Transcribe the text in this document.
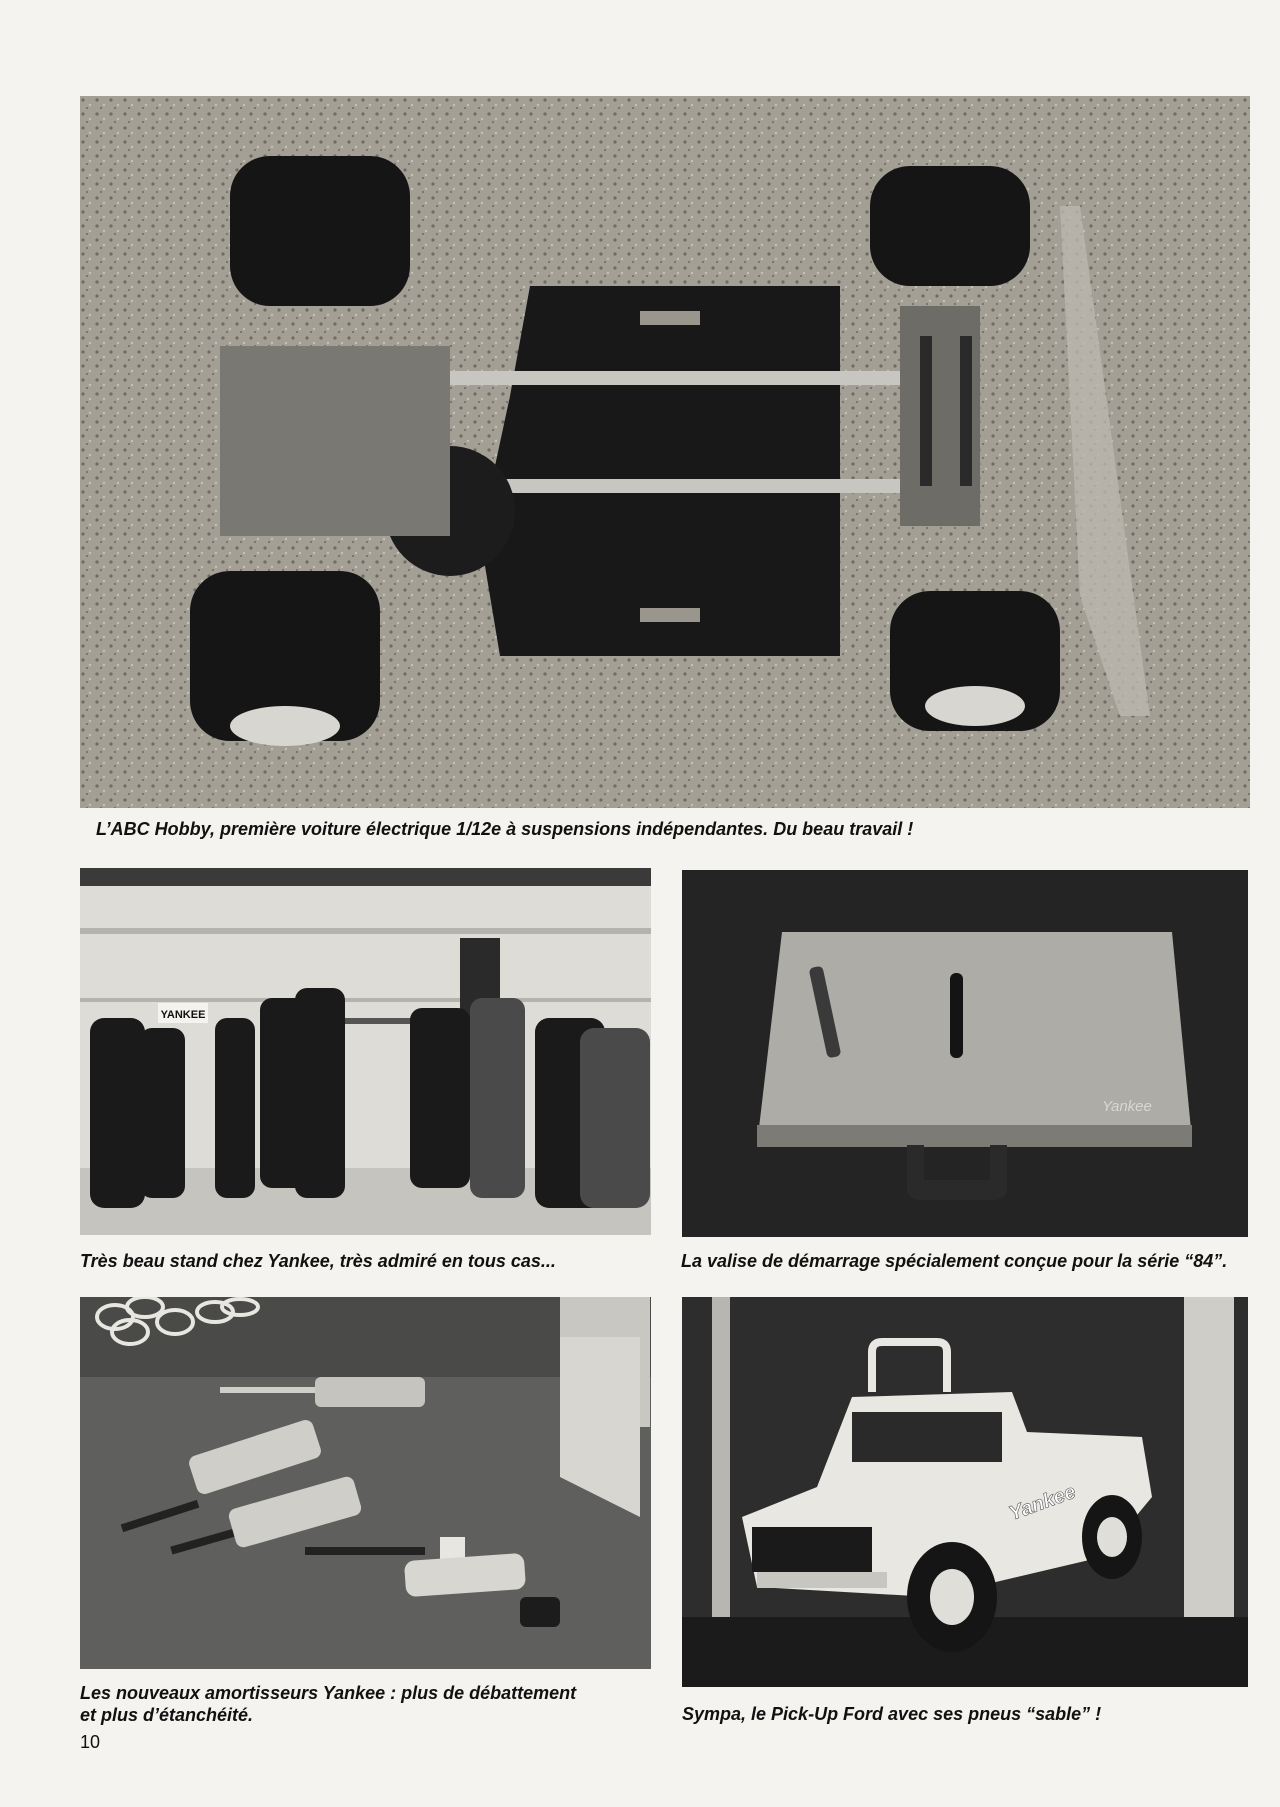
L’ABC Hobby, première voiture électrique 1/12e à suspensions indépendantes. Du beau travail !

YANKEE

Très beau stand chez Yankee, très admiré en tous cas...

Yankee

La valise de démarrage spécialement conçue pour la série “84”.

Les nouveaux amortisseurs Yankee : plus de débattement
et plus d’étanchéité.

Yankee

Sympa, le Pick-Up Ford avec ses pneus “sable” !

10
